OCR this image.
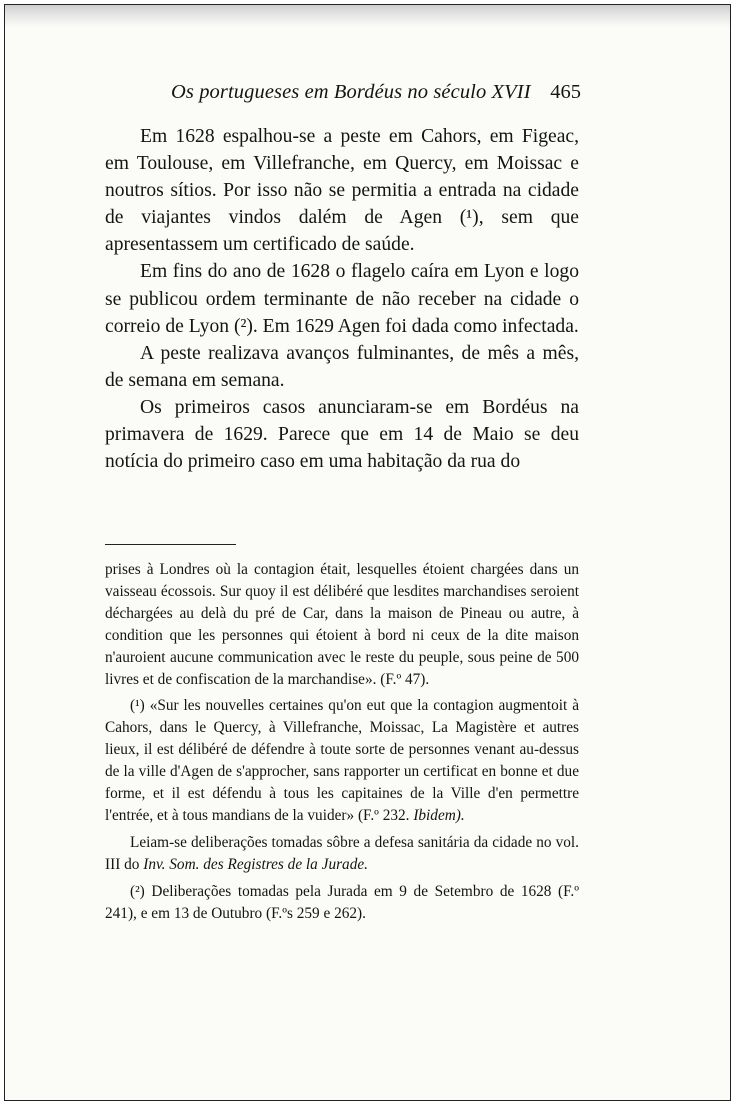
Os portugueses em Bordéus no século XVII 465

Em 1628 espalhou-se a peste em Cahors, em Figeac, em Toulouse, em Villefranche, em Quercy, em Moissac e noutros sítios. Por isso não se permitia a entrada na cidade de viajantes vindos dalém de Agen (¹), sem que apresentassem um certificado de saúde.

Em fins do ano de 1628 o flagelo caíra em Lyon e logo se publicou ordem terminante de não receber na cidade o correio de Lyon (²). Em 1629 Agen foi dada como infectada.

A peste realizava avanços fulminantes, de mês a mês, de semana em semana.

Os primeiros casos anunciaram-se em Bordéus na primavera de 1629. Parece que em 14 de Maio se deu notícia do primeiro caso em uma habitação da rua do

prises à Londres où la contagion était, lesquelles étoient chargées dans un vaisseau écossois. Sur quoy il est délibéré que lesdites marchandises seroient déchargées au delà du pré de Car, dans la maison de Pineau ou autre, à condition que les personnes qui étoient à bord ni ceux de la dite maison n'auroient aucune communication avec le reste du peuple, sous peine de 500 livres et de confiscation de la marchandise». (F.º 47).

(¹) «Sur les nouvelles certaines qu'on eut que la contagion augmentoit à Cahors, dans le Quercy, à Villefranche, Moissac, La Magistère et autres lieux, il est délibéré de défendre à toute sorte de personnes venant au-dessus de la ville d'Agen de s'approcher, sans rapporter un certificat en bonne et due forme, et il est défendu à tous les capitaines de la Ville d'en permettre l'entrée, et à tous mandians de la vuider» (F.º 232. Ibidem).

Leiam-se deliberações tomadas sôbre a defesa sanitária da cidade no vol. III do Inv. Som. des Registres de la Jurade.

(²) Deliberações tomadas pela Jurada em 9 de Setembro de 1628 (F.º 241), e em 13 de Outubro (F.ºs 259 e 262).
